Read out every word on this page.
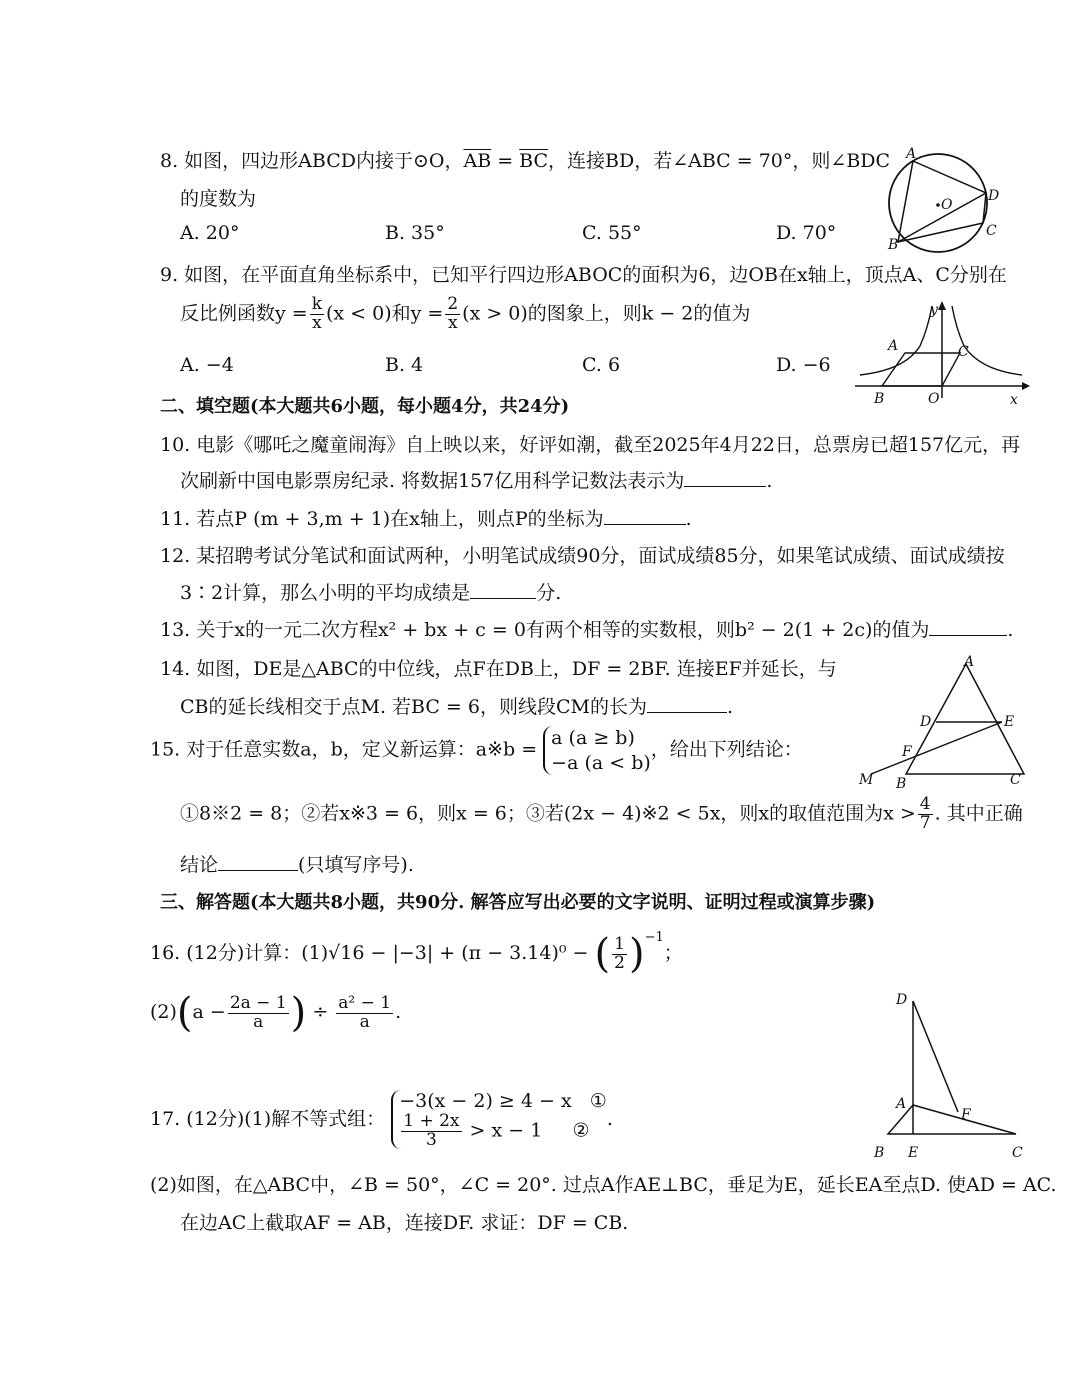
8. 如图，四边形ABCD内接于⊙O，$\overline{AB} = \overline{BC}$，连接BD，若∠ABC = 70°，则∠BDC
的度数为
A. 20°	B. 35°	C. 55°	D. 70°
A
D
O
B
C
9. 如图，在平面直角坐标系中，已知平行四边形ABOC的面积为6，边OB在x轴上，顶点A、C分别在
反比例函数$y = \frac{k}{x} (x < 0)$和$y = \frac{2}{x} (x > 0)$的图象上，则k − 2的值为
A. −4	B. 4	C. 6	D. −6
y
A	C
B	O	x
二、填空题(本大题共6小题，每小题4分，共24分)
10. 电影《哪吒之魔童闹海》自上映以来，好评如潮，截至2025年4月22日，总票房已超157亿元，再
次刷新中国电影票房纪录. 将数据157亿用科学记数法表示为	.
11. 若点P (m + 3,m + 1)在x轴上，则点P的坐标为	.
12. 某招聘考试分笔试和面试两种，小明笔试成绩90分，面试成绩85分，如果笔试成绩、面试成绩按
3∶2计算，那么小明的平均成绩是	分.
13. 关于x的一元二次方程x² + bx + c = 0有两个相等的实数根，则b² − 2(1 + 2c)的值为	.
14. 如图，DE是△ABC的中位线，点F在DB上，DF = 2BF. 连接EF并延长，与
CB的延长线相交于点M. 若BC = 6，则线段CM的长为	.
A
D	E
F
M B	C
15. 对于任意实数a，b，定义新运算：a※b =
a (a ≥ b)
−a (a < b)
，给出下列结论：
①8※2 = 8；②若x※3 = 6，则x = 6；③若(2x − 4)※2 < 5x，则x的取值范围为$x > \frac{4}{7}$ . 其中正确
结论	(只填写序号).
三、解答题(本大题共8小题，共90分. 解答应写出必要的文字说明、证明过程或演算步骤)
16. (12分)计算：(1)√16 − |−3| + (π − 3.14)⁰ − ( $\frac{1}{2} )^{-1}$；
$(2)(a - \frac{2a - 1}{a}$ ) ÷ $\frac{\text{a² − 1}}{a}$ .
D
A
F
B E	C
17. (12分)(1)解不等式组：
−3(x − 2) ≥ 4 − x ①
$\frac{1 + 2x}{3} > x - 1$ ②
.
(2)如图，在△ABC中，∠B = 50°，∠C = 20°. 过点A作AE⊥BC，垂足为E，延长EA至点D. 使AD = AC.
在边AC上截取AF = AB，连接DF. 求证：DF = CB.
